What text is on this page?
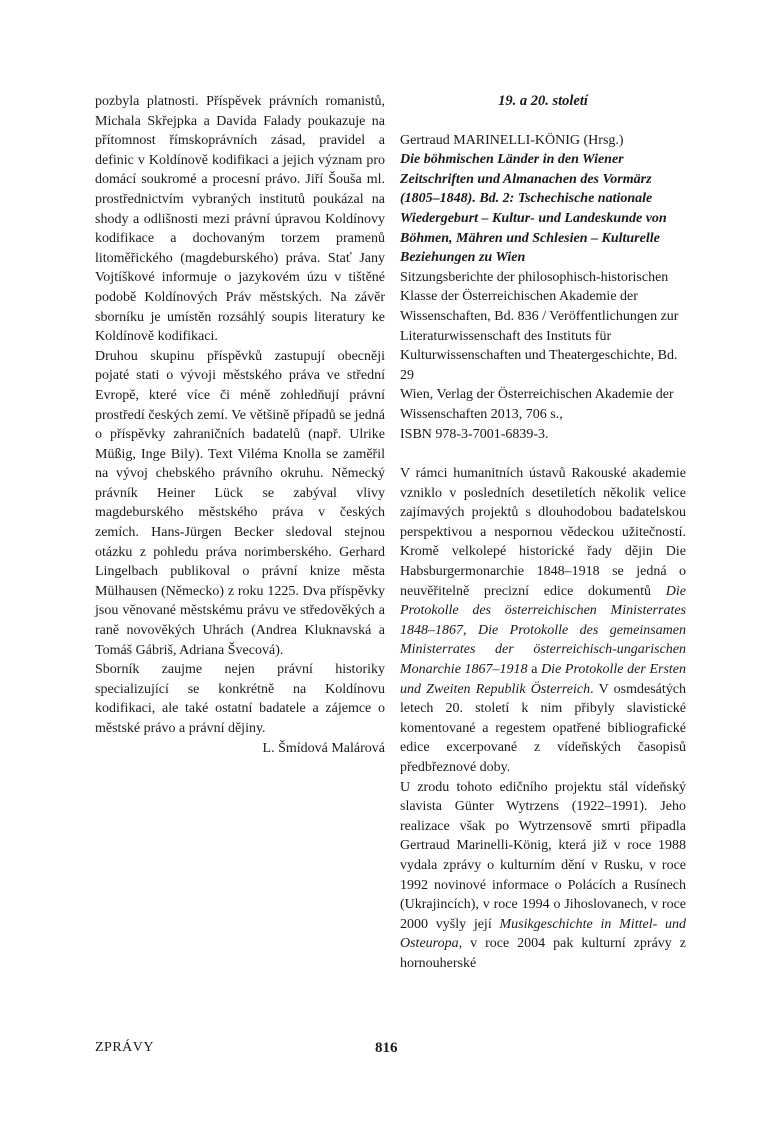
pozbyla platnosti. Příspěvek právních romanistů, Michala Skřejpka a Davida Falady poukazuje na přítomnost římskoprávních zásad, pravidel a definic v Koldínově kodifikaci a jejich význam pro domácí soukromé a procesní právo. Jiří Šouša ml. prostřednictvím vybraných institutů poukázal na shody a odlišnosti mezi právní úpravou Koldínovy kodifikace a dochovaným torzem pramenů litoměřického (magdeburského) práva. Stať Jany Vojtíškové informuje o jazykovém úzu v tištěné podobě Koldínových Práv městských. Na závěr sborníku je umístěn rozsáhlý soupis literatury ke Koldínově kodifikaci.

Druhou skupinu příspěvků zastupují obecněji pojaté stati o vývoji městského práva ve střední Evropě, které více či méně zohledňují právní prostředí českých zemí. Ve většině případů se jedná o příspěvky zahraničních badatelů (např. Ulrike Müßig, Inge Bily). Text Viléma Knolla se zaměřil na vývoj chebského právního okruhu. Německý právník Heiner Lück se zabýval vlivy magdeburského městského práva v českých zemích. Hans-Jürgen Becker sledoval stejnou otázku z pohledu práva norimberského. Gerhard Lingelbach publikoval o právní knize města Mülhausen (Německo) z roku 1225. Dva příspěvky jsou věnované městskému právu ve středověkých a raně novověkých Uhrách (Andrea Kluknavská a Tomáš Gábriš, Adriana Švecová).

Sborník zaujme nejen právní historiky specializující se konkrétně na Koldínovu kodifikaci, ale také ostatní badatele a zájemce o městské právo a právní dějiny.

L. Šmídová Malárová

19. a 20. století
Gertraud MARINELLI-KÖNIG (Hrsg.)
Die böhmischen Länder in den Wiener Zeitschriften und Almanachen des Vormärz (1805–1848). Bd. 2: Tschechische nationale Wiedergeburt – Kultur- und Landeskunde von Böhmen, Mähren und Schlesien – Kulturelle Beziehungen zu Wien
Sitzungsberichte der philosophisch-historischen Klasse der Österreichischen Akademie der Wissenschaften, Bd. 836 / Veröffentlichungen zur Literaturwissenschaft des Instituts für Kulturwissenschaften und Theatergeschichte, Bd. 29
Wien, Verlag der Österreichischen Akademie der Wissenschaften 2013, 706 s.,
ISBN 978-3-7001-6839-3.

V rámci humanitních ústavů Rakouské akademie vzniklo v posledních desetiletích několik velice zajímavých projektů s dlouhodobou badatelskou perspektivou a nespornou vědeckou užitečností. Kromě velkolepé historické řady dějin Die Habsburgermonarchie 1848–1918 se jedná o neuvěřitelně precizní edice dokumentů Die Protokolle des österreichischen Ministerrates 1848–1867, Die Protokolle des gemeinsamen Ministerrates der österreichisch-ungarischen Monarchie 1867–1918 a Die Protokolle der Ersten und Zweiten Republik Österreich. V osmdesátých letech 20. století k nim přibyly slavistické komentované a regestem opatřené bibliografické edice excerpované z vídeňských časopisů předbřeznové doby.

U zrodu tohoto edičního projektu stál vídeňský slavista Günter Wytrzens (1922–1991). Jeho realizace však po Wytrzensově smrti připadla Gertraud Marinelli-König, která již v roce 1988 vydala zprávy o kulturním dění v Rusku, v roce 1992 novinové informace o Polácích a Rusínech (Ukrajincích), v roce 1994 o Jihoslovanech, v roce 2000 vyšly její Musikgeschichte in Mittel- und Osteuropa, v roce 2004 pak kulturní zprávy z hornouherské

ZPRÁVY	816
